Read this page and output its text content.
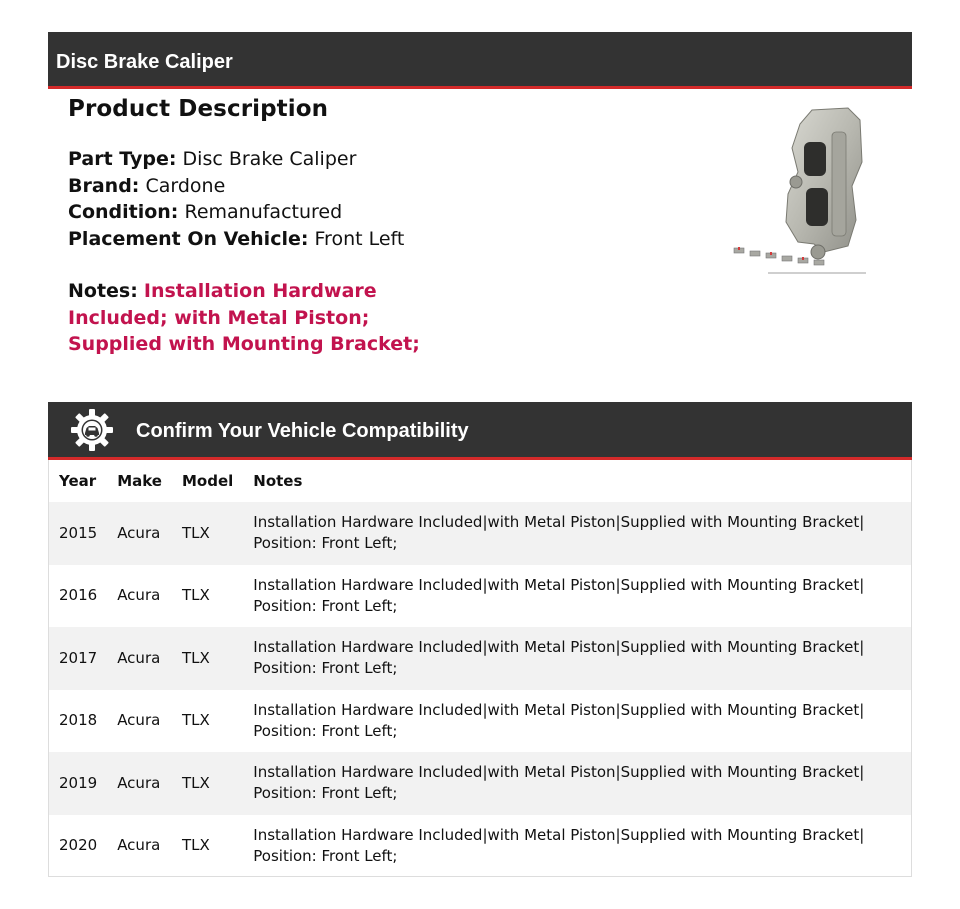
Disc Brake Caliper
Product Description
Part Type: Disc Brake Caliper
Brand: Cardone
Condition: Remanufactured
Placement On Vehicle: Front Left
Notes: Installation Hardware Included; with Metal Piston; Supplied with Mounting Bracket;
Confirm Your Vehicle Compatibility
Year	Make	Model	Notes
2015	Acura	TLX	Installation Hardware Included|with Metal Piston|Supplied with Mounting Bracket| Position: Front Left;
2016	Acura	TLX	Installation Hardware Included|with Metal Piston|Supplied with Mounting Bracket| Position: Front Left;
2017	Acura	TLX	Installation Hardware Included|with Metal Piston|Supplied with Mounting Bracket| Position: Front Left;
2018	Acura	TLX	Installation Hardware Included|with Metal Piston|Supplied with Mounting Bracket| Position: Front Left;
2019	Acura	TLX	Installation Hardware Included|with Metal Piston|Supplied with Mounting Bracket| Position: Front Left;
2020	Acura	TLX	Installation Hardware Included|with Metal Piston|Supplied with Mounting Bracket| Position: Front Left;
